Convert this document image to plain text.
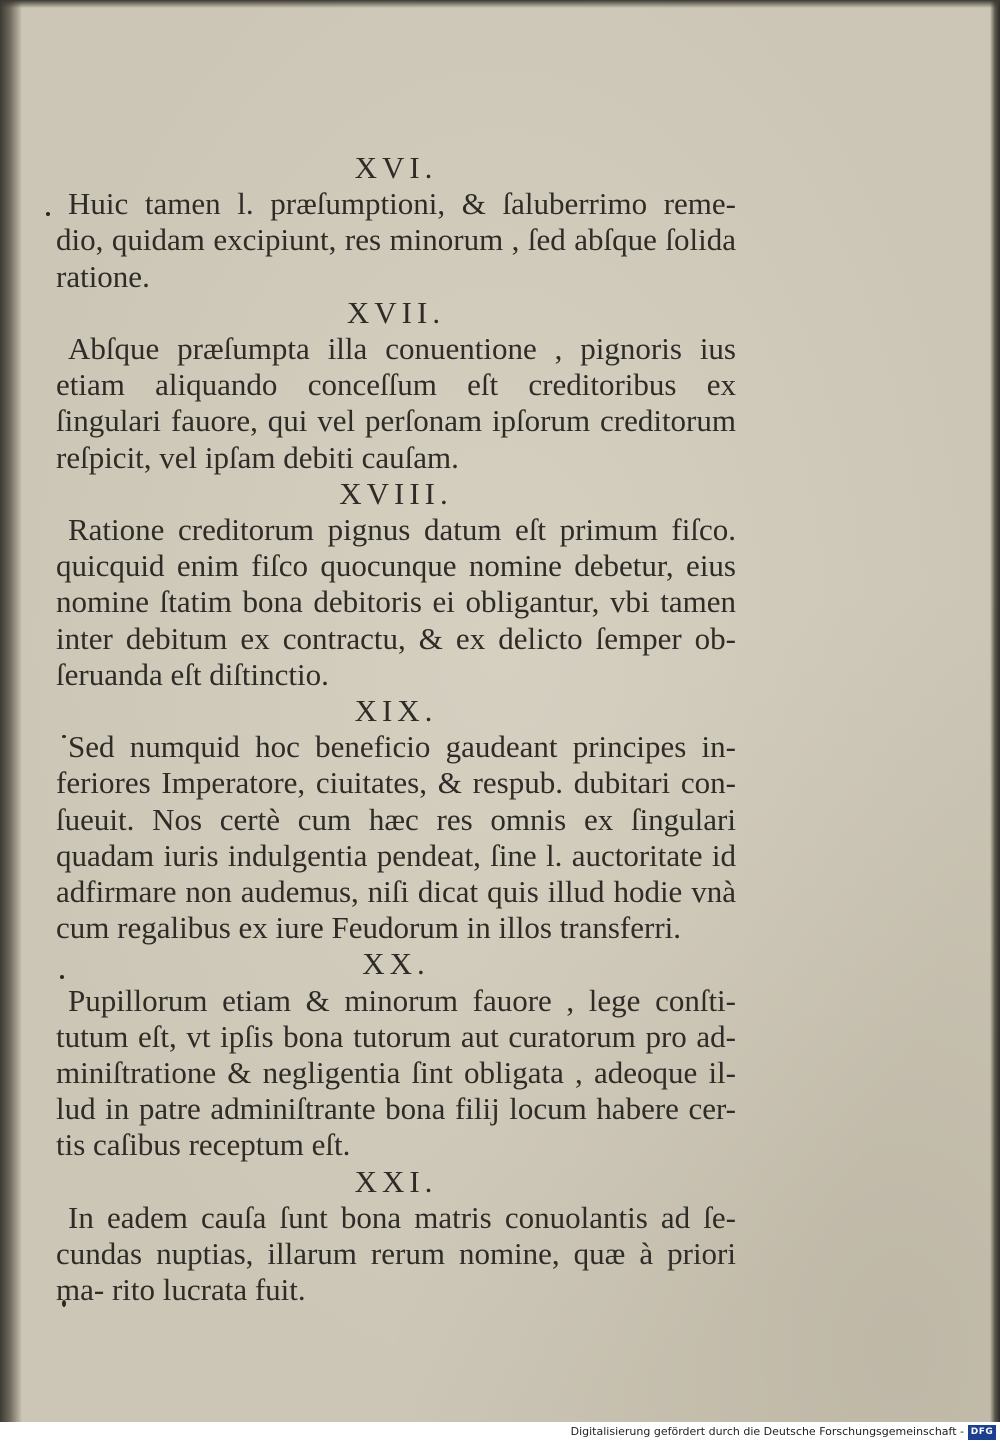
XVI.

Huic tamen l. præſumptioni, & ſaluberrimo reme- dio, quidam excipiunt, res minorum , ſed abſque ſolida ratione.

XVII.

Abſque præſumpta illa conuentione , pignoris ius etiam aliquando conceſſum eſt creditoribus ex ſingulari fauore, qui vel perſonam ipſorum creditorum reſpicit, vel ipſam debiti cauſam.

XVIII.

Ratione creditorum pignus datum eſt primum fiſco. quicquid enim fiſco quocunque nomine debetur, eius nomine ſtatim bona debitoris ei obligantur, vbi tamen inter debitum ex contractu, & ex delicto ſemper ob- ſeruanda eſt diſtinctio.

XIX.

Sed numquid hoc beneficio gaudeant principes in- feriores Imperatore, ciuitates, & respub. dubitari con- ſueuit. Nos certè cum hæc res omnis ex ſingulari quadam iuris indulgentia pendeat, ſine l. auctoritate id adfirmare non audemus, niſi dicat quis illud hodie vnà cum regalibus ex iure Feudorum in illos transferri.

XX.

Pupillorum etiam & minorum fauore , lege conſti- tutum eſt, vt ipſis bona tutorum aut curatorum pro ad- miniſtratione & negligentia ſint obligata , adeoque il- lud in patre adminiſtrante bona filij locum habere cer- tis caſibus receptum eſt.

XXI.

In eadem cauſa ſunt bona matris conuolantis ad ſe- cundas nuptias, illarum rerum nomine, quæ à priori ma- rito lucrata fuit.

Digitalisierung gefördert durch die Deutsche Forschungsgemeinschaft - DFG
